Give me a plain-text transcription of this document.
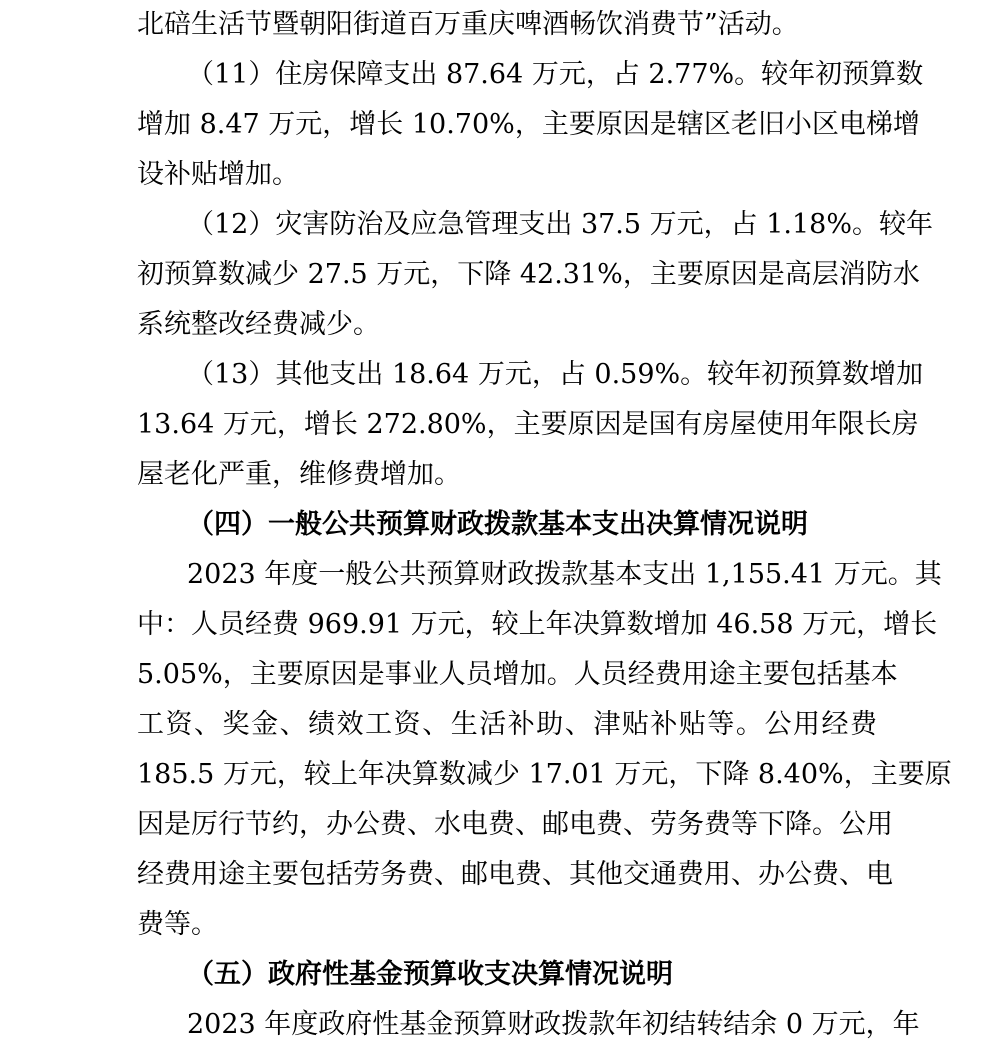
北碚生活节暨朝阳街道百万重庆啤酒畅饮消费节”活动。
（11）住房保障支出 87.64 万元，占 2.77%。较年初预算数
增加 8.47 万元，增长 10.70%，主要原因是辖区老旧小区电梯增
设补贴增加。
（12）灾害防治及应急管理支出 37.5 万元，占 1.18%。较年
初预算数减少 27.5 万元，下降 42.31%，主要原因是高层消防水
系统整改经费减少。
（13）其他支出 18.64 万元，占 0.59%。较年初预算数增加
13.64 万元，增长 272.80%，主要原因是国有房屋使用年限长房
屋老化严重，维修费增加。
（四）一般公共预算财政拨款基本支出决算情况说明
2023 年度一般公共预算财政拨款基本支出 1,155.41 万元。其
中：人员经费 969.91 万元，较上年决算数增加 46.58 万元，增长
5.05%，主要原因是事业人员增加。人员经费用途主要包括基本
工资、奖金、绩效工资、生活补助、津贴补贴等。公用经费
185.5 万元，较上年决算数减少 17.01 万元，下降 8.40%，主要原
因是厉行节约，办公费、水电费、邮电费、劳务费等下降。公用
经费用途主要包括劳务费、邮电费、其他交通费用、办公费、电
费等。
（五）政府性基金预算收支决算情况说明
2023 年度政府性基金预算财政拨款年初结转结余 0 万元，年
